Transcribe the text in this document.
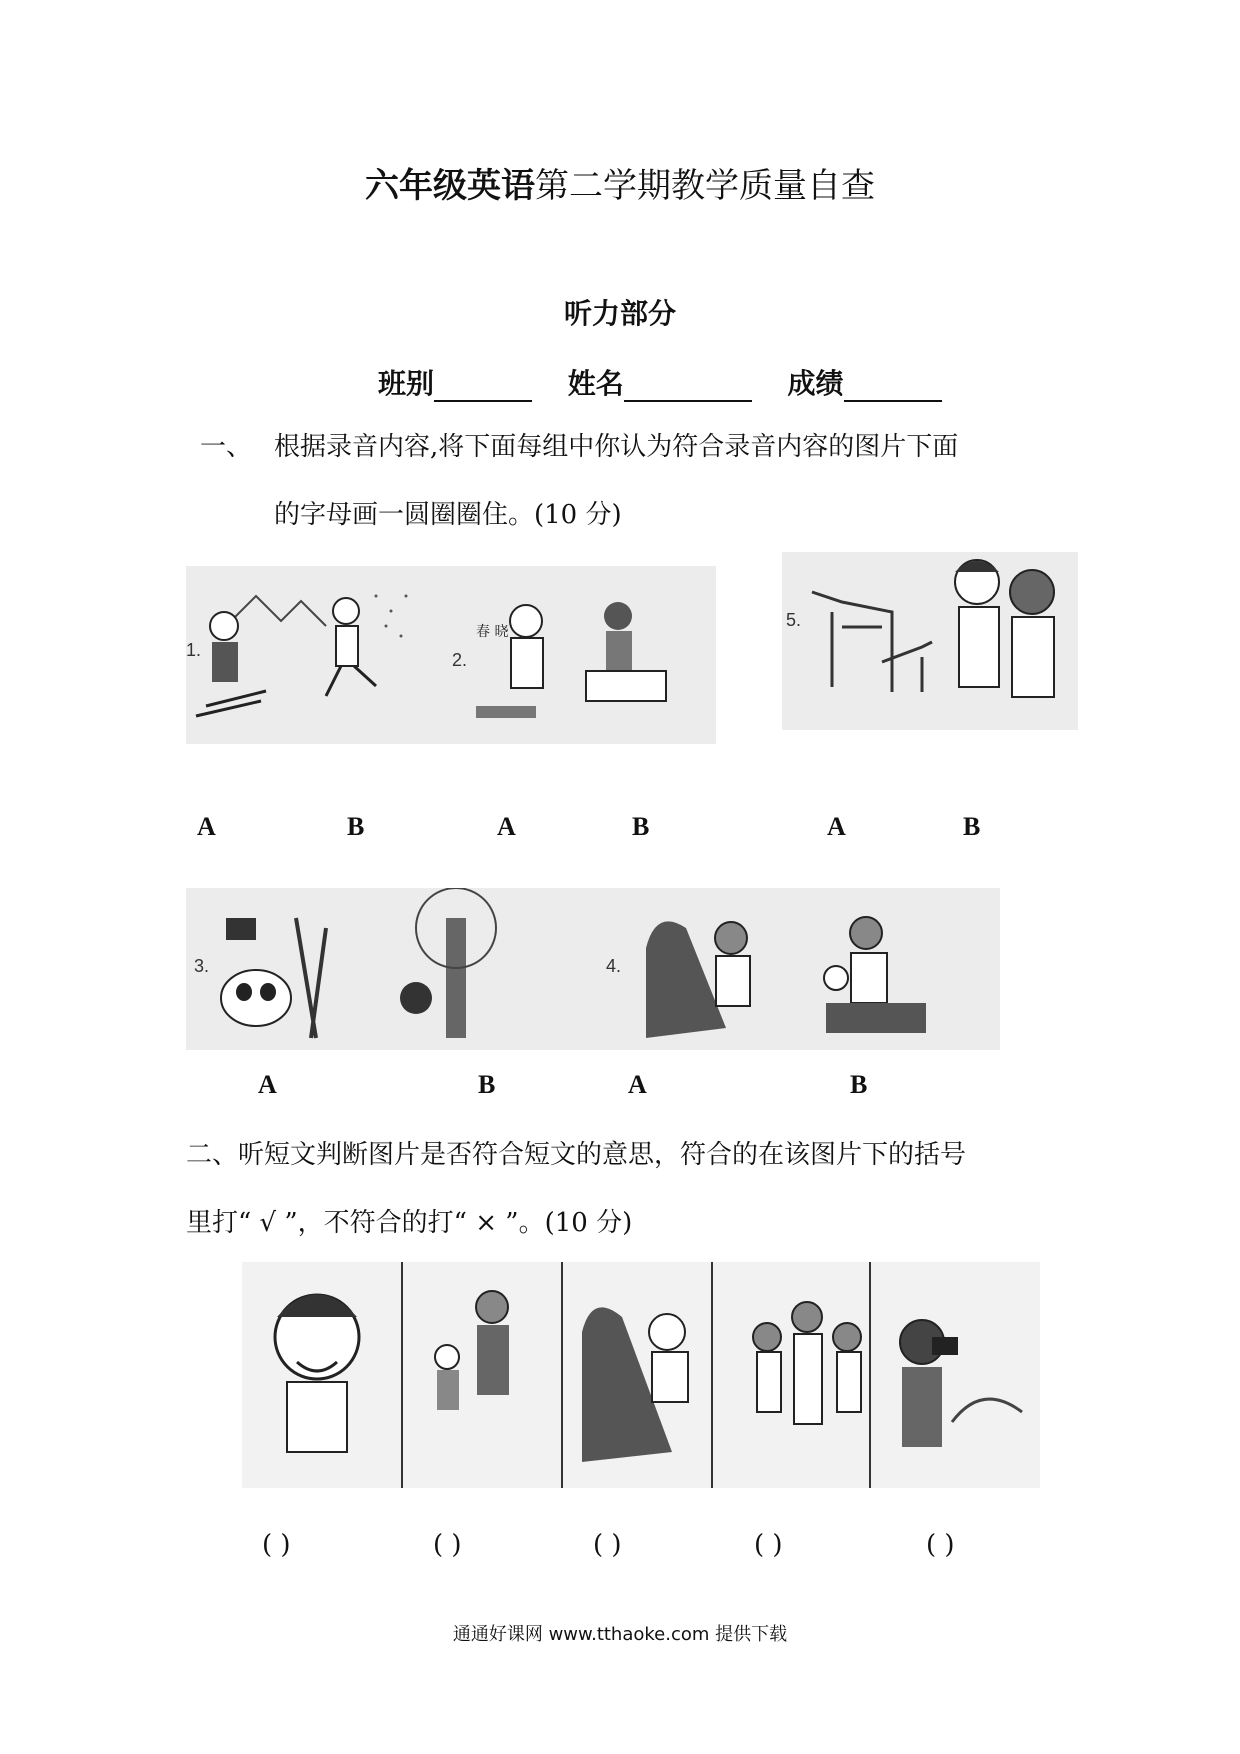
六年级英语第二学期教学质量自查
听力部分
班别	姓名	成绩
一、 根据录音内容,将下面每组中你认为符合录音内容的图片下面
的字母画一圆圈圈住。(10 分)
1.	2.
春 晓
5.
A	B	A	B	A	B
3.	4.
A	B	A	B
二、听短文判断图片是否符合短文的意思，符合的在该图片下的括号
里打“ √ ”，不符合的打“ × ”。(10 分)
( )	( )	( )	( )	( )
通通好课网 www.tthaoke.com 提供下载
